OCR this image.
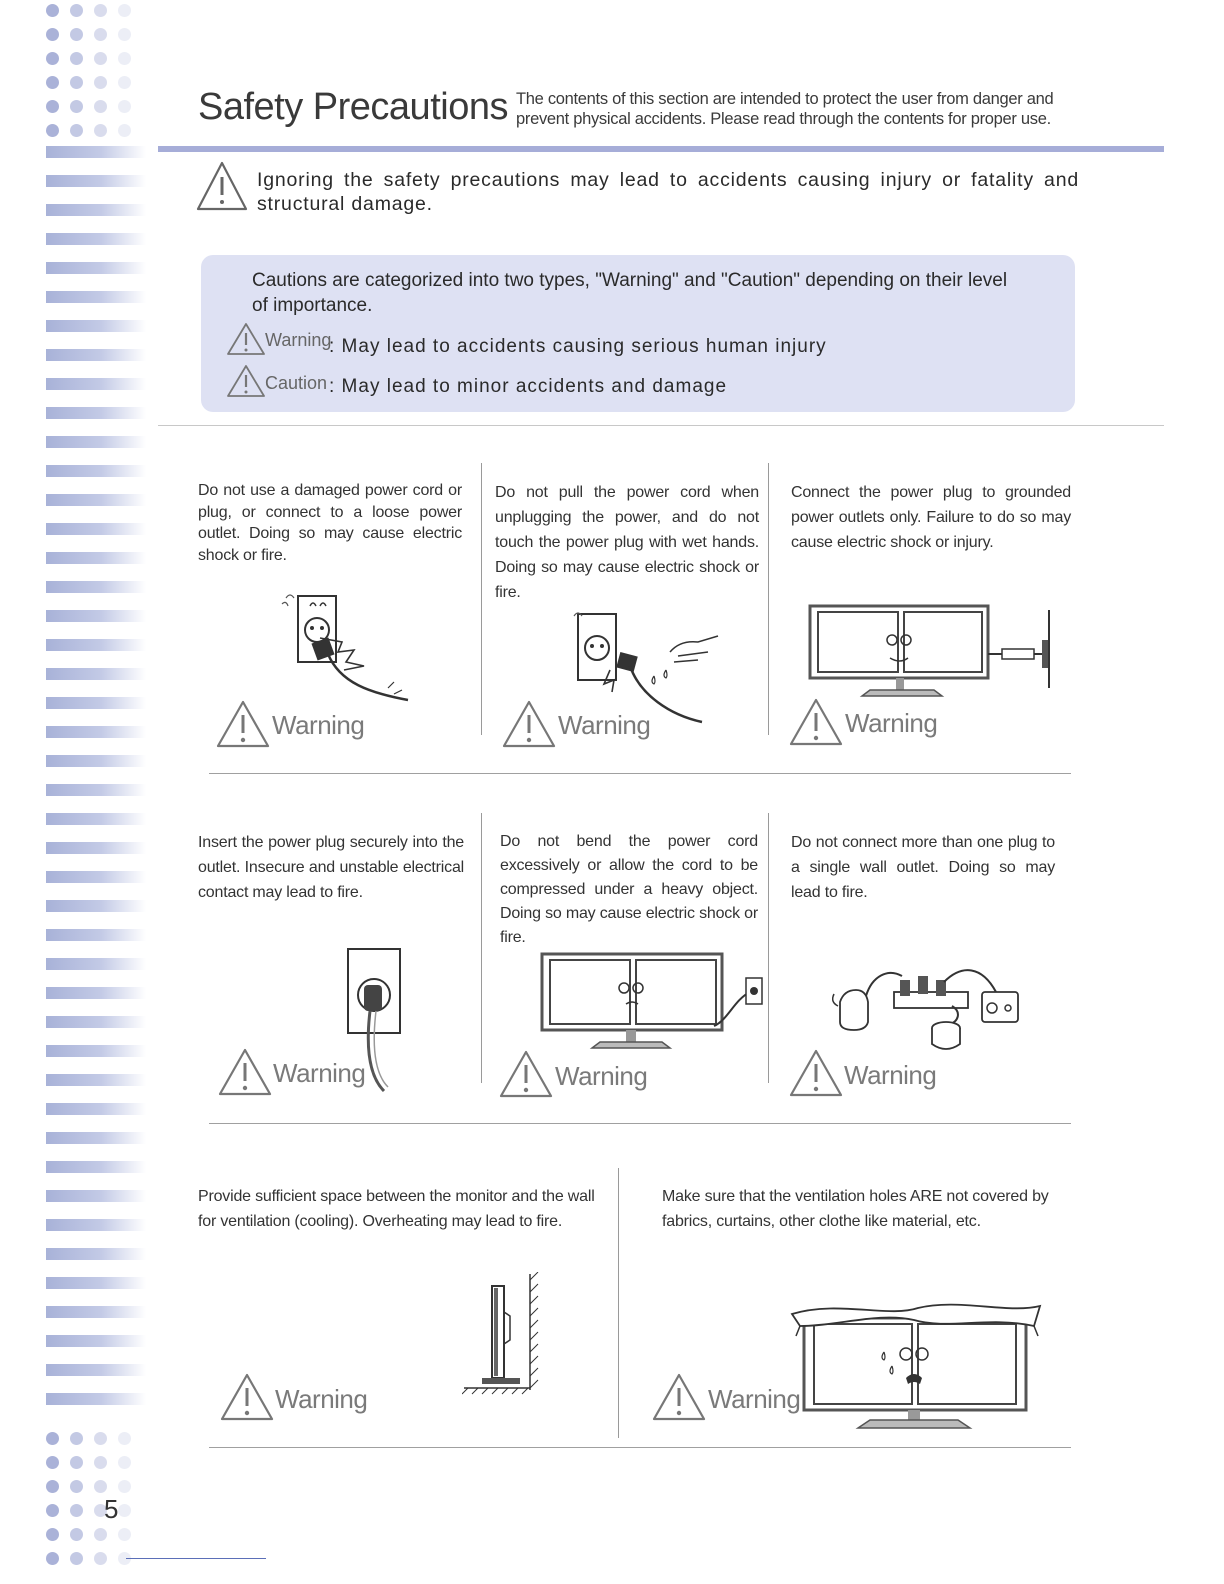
5
Safety Precautions The contents of this section are intended to protect the user from danger and prevent physical accidents. Please read through the contents for proper use.
Ignoring the safety precautions may lead to accidents causing injury or fatality and structural damage.
Cautions are categorized into two types, "Warning" and "Caution" depending on their level of importance.
Warning
: May lead to accidents causing serious human injury
Caution : May lead to minor accidents and damage
Do not use a damaged power cord or plug, or connect to a loose power outlet. Doing so may cause electric shock or fire.
Warning
Do not pull the power cord when unplugging the power, and do not touch the power plug with wet hands. Doing so may cause electric shock or fire.
Warning
Connect the power plug to grounded power outlets only. Failure to do so may cause electric shock or injury.
Warning
Insert the power plug securely into the outlet. Insecure and unstable electrical contact may lead to fire.
Warning
Do not bend the power cord excessively or allow the cord to be compressed under a heavy object. Doing so may cause electric shock or fire.
Warning
Do not connect more than one plug to a single wall outlet. Doing so may lead to fire.
Warning
Provide sufficient space between the monitor and the wall for ventilation (cooling). Overheating may lead to fire.
Warning
Make sure that the ventilation holes ARE not covered by fabrics, curtains, other clothe like material, etc.
Warning
